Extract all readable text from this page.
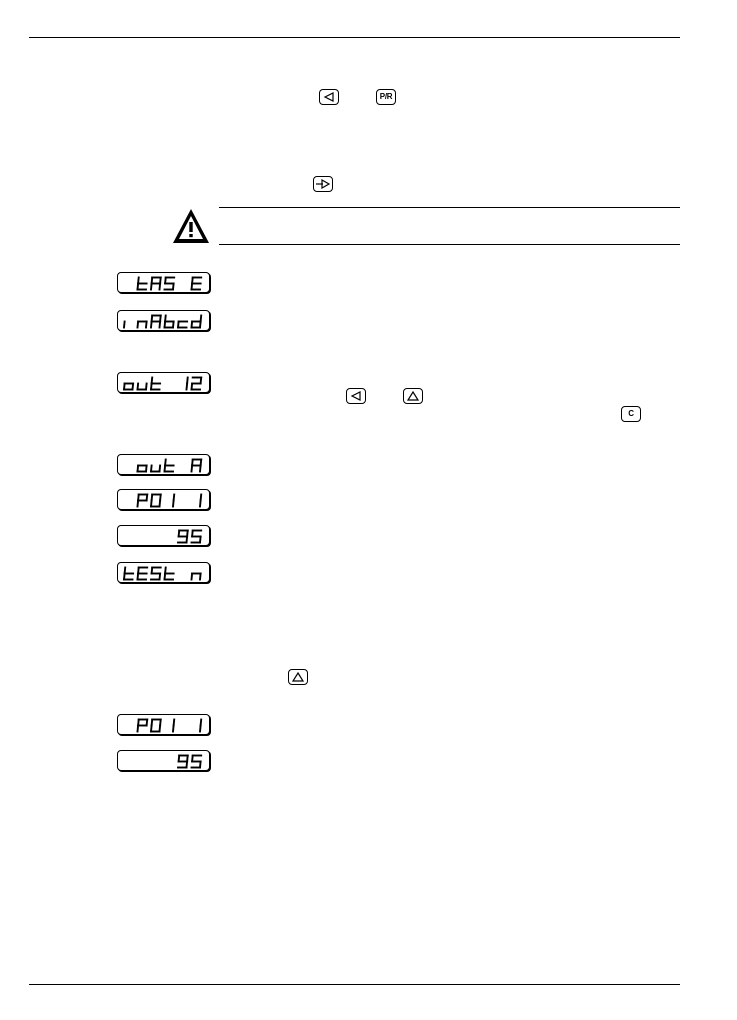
P/R
C
